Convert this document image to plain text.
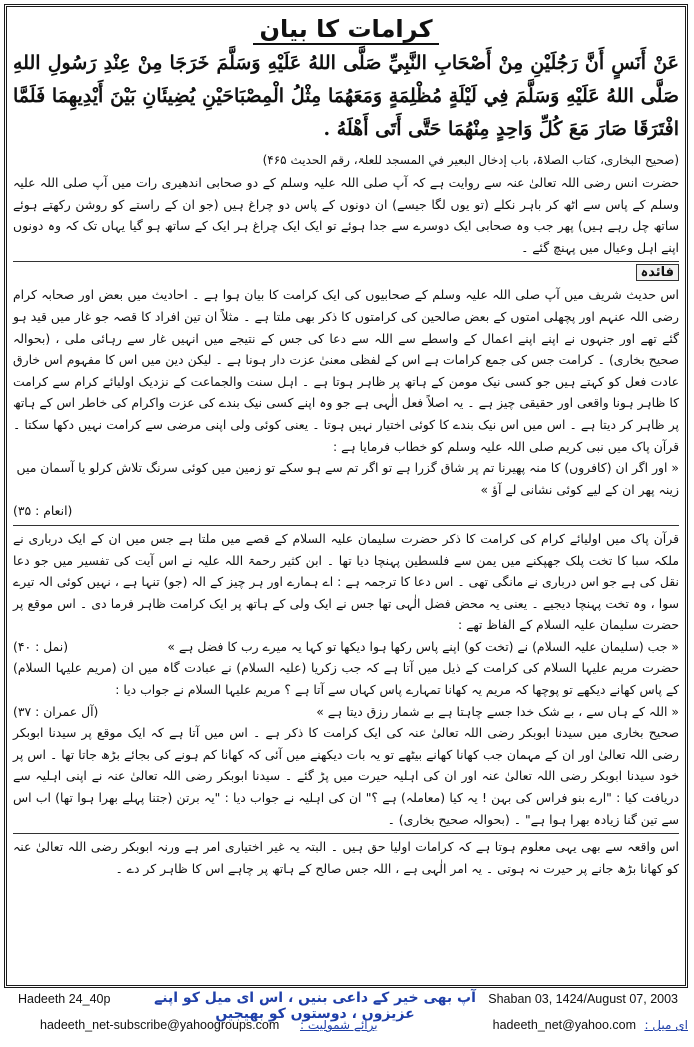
کرامات کا بیان

عَنْ أَنَسٍ أَنَّ رَجُلَيْنِ مِنْ أَصْحَابِ النَّبِيِّ صَلَّى اللهُ عَلَيْهِ وَسَلَّمَ خَرَجَا مِنْ عِنْدِ رَسُولِ اللهِ صَلَّى اللهُ عَلَيْهِ وَسَلَّمَ فِي لَيْلَةٍ مُظْلِمَةٍ وَمَعَهُمَا مِثْلُ الْمِصْبَاحَيْنِ يُضِيئَانِ بَيْنَ أَيْدِيهِمَا فَلَمَّا افْتَرَقَا صَارَ مَعَ كُلِّ وَاحِدٍ مِنْهُمَا حَتَّى أَتَى أَهْلَهُ .

(صحیح البخاری، کتاب الصلاۃ، باب إدخال البعیر في المسجد للعلۃ، رقم الحدیث ۴۶۵)

حضرت انس رضی اللہ تعالیٰ عنہ سے روایت ہے کہ آپ صلی اللہ علیہ وسلم کے دو صحابی اندھیری رات میں آپ صلی اللہ علیہ وسلم کے پاس سے اٹھ کر باہر نکلے (تو یوں لگا جیسے) ان دونوں کے پاس دو چراغ ہیں (جو ان کے راستے کو روشن رکھتے ہوئے ساتھ چل رہے ہیں) پھر جب وہ صحابی ایک دوسرے سے جدا ہوئے تو ایک ایک چراغ ہر ایک کے ساتھ ہو گیا یہاں تک کہ وہ دونوں اپنے اہل وعیال میں پہنچ گئے ۔

فائدہ

اس حدیث شریف میں آپ صلی اللہ علیہ وسلم کے صحابیوں کی ایک کرامت کا بیان ہوا ہے ۔ احادیث میں بعض اور صحابہ کرام رضی اللہ عنہم اور پچھلی امتوں کے بعض صالحین کی کرامتوں کا ذکر بھی ملتا ہے ۔ مثلاً ان تین افراد کا قصہ جو غار میں قید ہو گئے تھے اور جنہوں نے اپنے اپنے اعمال کے واسطے سے اللہ سے دعا کی جس کے نتیجے میں انہیں غار سے رہائی ملی ، (بحوالہ صحیح بخاری) ۔ کرامت جس کی جمع کرامات ہے اس کے لفظی معنیٰ عزت دار ہونا ہے ۔ لیکن دین میں اس کا مفہوم اس خارق عادت فعل کو کہتے ہیں جو کسی نیک مومن کے ہاتھ پر ظاہر ہوتا ہے ۔ اہل سنت والجماعت کے نزدیک اولیائے کرام سے کرامت کا ظاہر ہونا واقعی اور حقیقی چیز ہے ۔ یہ اصلاً فعل الٰہی ہے جو وہ اپنے کسی نیک بندے کی عزت واکرام کی خاطر اس کے ہاتھ پر ظاہر کر دیتا ہے ۔ اس میں اس نیک بندے کا کوئی اختیار نہیں ہوتا ۔ یعنی کوئی ولی اپنی مرضی سے کرامت نہیں دکھا سکتا ۔ قرآن پاک میں نبی کریم صلی اللہ علیہ وسلم کو خطاب فرمایا ہے :

« اور اگر ان (کافروں) کا منہ پھیرنا تم پر شاق گزرا ہے تو اگر تم سے ہو سکے تو زمین میں کوئی سرنگ تلاش کرلو یا آسمان میں زینہ پھر ان کے لیے کوئی نشانی لے آؤ »
(انعام : ۳۵)

قرآن پاک میں اولیائے کرام کی کرامت کا ذکر حضرت سلیمان علیہ السلام کے قصے میں ملتا ہے جس میں ان کے ایک درباری نے ملکہ سبا کا تخت پلک جھپکنے میں یمن سے فلسطین پہنچا دیا تھا ۔ ابن کثیر رحمۃ اللہ علیہ نے اس آیت کی تفسیر میں جو دعا نقل کی ہے جو اس درباری نے مانگی تھی ۔ اس دعا کا ترجمہ ہے : اے ہمارے اور ہر چیز کے الہ (جو) تنہا ہے ، نہیں کوئی الہ تیرے سوا ، وہ تخت پہنچا دیجیے ۔ یعنی یہ محض فضل الٰہی تھا جس نے ایک ولی کے ہاتھ پر ایک کرامت ظاہر فرما دی ۔ اس موقع پر حضرت سلیمان علیہ السلام کے الفاظ تھے :

« جب (سلیمان علیہ السلام) نے (تخت کو) اپنے پاس رکھا ہوا دیکھا تو کہا یہ میرے رب کا فضل ہے »
(نمل : ۴۰)

حضرت مریم علیہا السلام کی کرامت کے ذیل میں آتا ہے کہ جب زکریا (علیہ السلام) نے عبادت گاہ میں ان (مریم علیہا السلام) کے پاس کھانے دیکھے تو پوچھا کہ مریم یہ کھانا تمہارے پاس کہاں سے آتا ہے ؟ مریم علیہا السلام نے جواب دیا :

« اللہ کے ہاں سے ، بے شک خدا جسے چاہتا ہے بے شمار رزق دیتا ہے »
(آل عمران : ۳۷)

صحیح بخاری میں سیدنا ابوبکر رضی اللہ تعالیٰ عنہ کی ایک کرامت کا ذکر ہے ۔ اس میں آتا ہے کہ ایک موقع پر سیدنا ابوبکر رضی اللہ تعالیٰ اور ان کے مہمان جب کھانا کھانے بیٹھے تو یہ بات دیکھنے میں آئی کہ کھانا کم ہونے کی بجائے بڑھ جاتا تھا ۔ اس پر خود سیدنا ابوبکر رضی اللہ تعالیٰ عنہ اور ان کی اہلیہ حیرت میں پڑ گئے ۔ سیدنا ابوبکر رضی اللہ تعالیٰ عنہ نے اپنی اہلیہ سے دریافت کیا : "ارے بنو فراس کی بہن ! یہ کیا (معاملہ) ہے ؟" ان کی اہلیہ نے جواب دیا : "یہ برتن (جتنا پہلے بھرا ہوا تھا) اب اس سے تین گنا زیادہ بھرا ہوا ہے" ۔ (بحوالہ صحیح بخاری) ۔

اس واقعہ سے بھی یہی معلوم ہوتا ہے کہ کرامات اولیا حق ہیں ۔ البتہ یہ غیر اختیاری امر ہے ورنہ ابوبکر رضی اللہ تعالیٰ عنہ کو کھانا بڑھ جانے پر حیرت نہ ہوتی ۔ یہ امر الٰہی ہے ، اللہ جس صالح کے ہاتھ پر چاہے اس کا ظاہر کر دے ۔

Hadeeth 24_40p	آپ بھی خیر کے داعی بنیں ، اس ای میل کو اپنے عزیزوں ، دوستوں کو بھیجیں
Shaban 03, 1424/August 07, 2003
hadeeth_net-subscribe@yahoogroups.com برائے شمولیت :	hadeeth_net@yahoo.com ای میل :
